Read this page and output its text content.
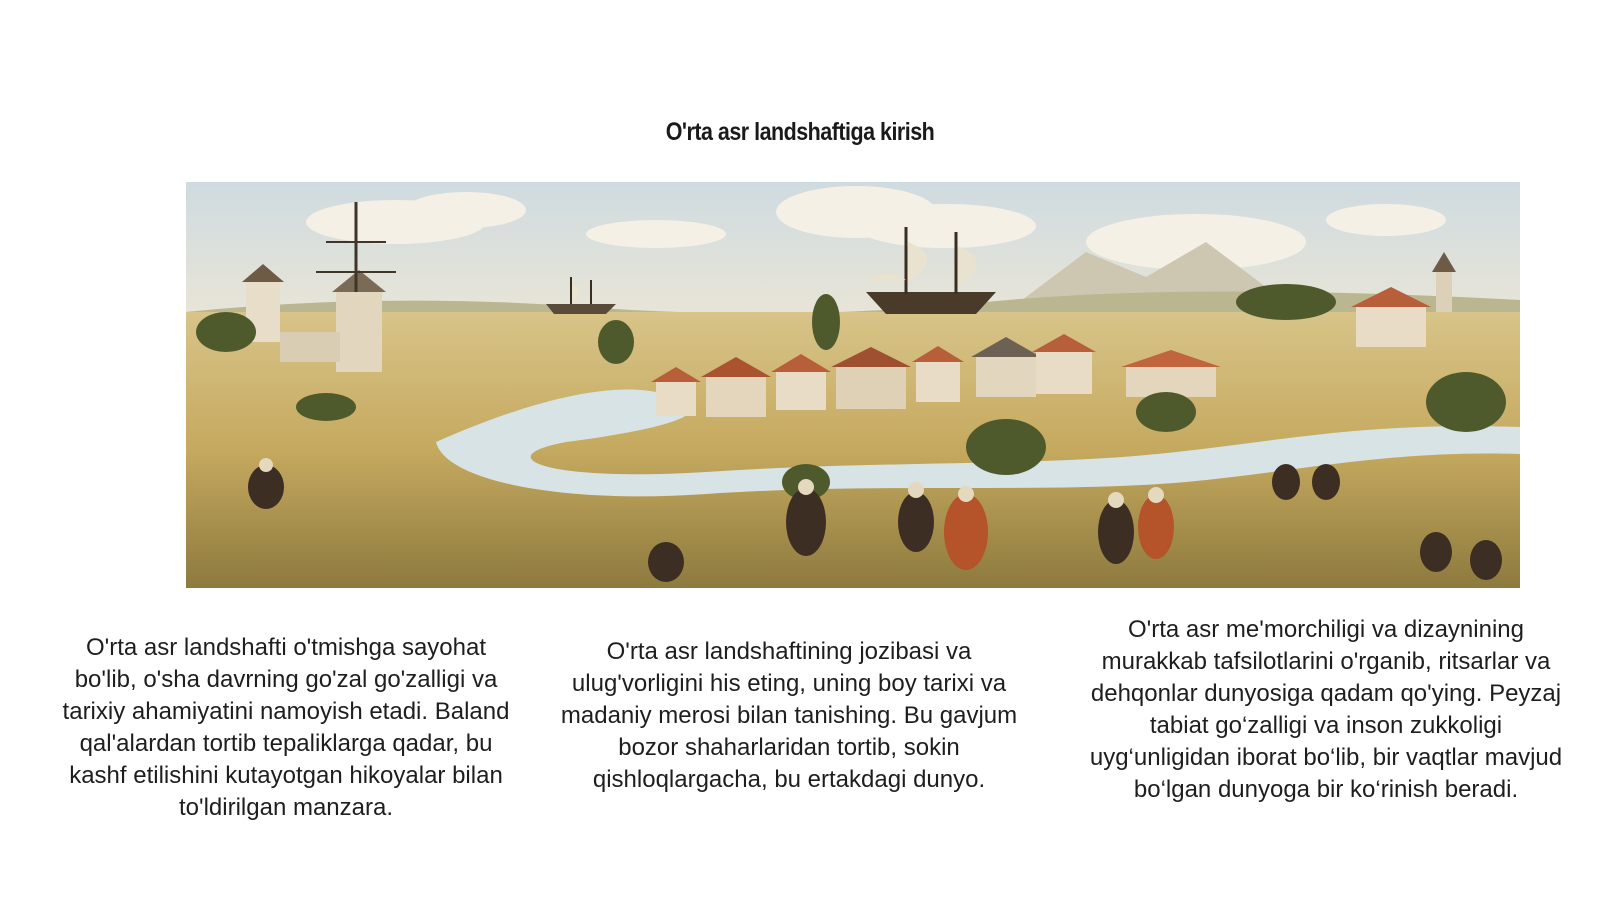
O'rta asr landshaftiga kirish
O'rta asr landshafti o'tmishga sayohat bo'lib, o'sha davrning go'zal go'zalligi va tarixiy ahamiyatini namoyish etadi. Baland qal'alardan tortib tepaliklarga qadar, bu kashf etilishini kutayotgan hikoyalar bilan to'ldirilgan manzara.
O'rta asr landshaftining jozibasi va ulug'vorligini his eting, uning boy tarixi va madaniy merosi bilan tanishing. Bu gavjum bozor shaharlaridan tortib, sokin qishloqlargacha, bu ertakdagi dunyo.
O'rta asr me'morchiligi va dizaynining murakkab tafsilotlarini o'rganib, ritsarlar va dehqonlar dunyosiga qadam qo'ying. Peyzaj tabiat go‘zalligi va inson zukkoligi uyg‘unligidan iborat bo‘lib, bir vaqtlar mavjud bo‘lgan dunyoga bir ko‘rinish beradi.
